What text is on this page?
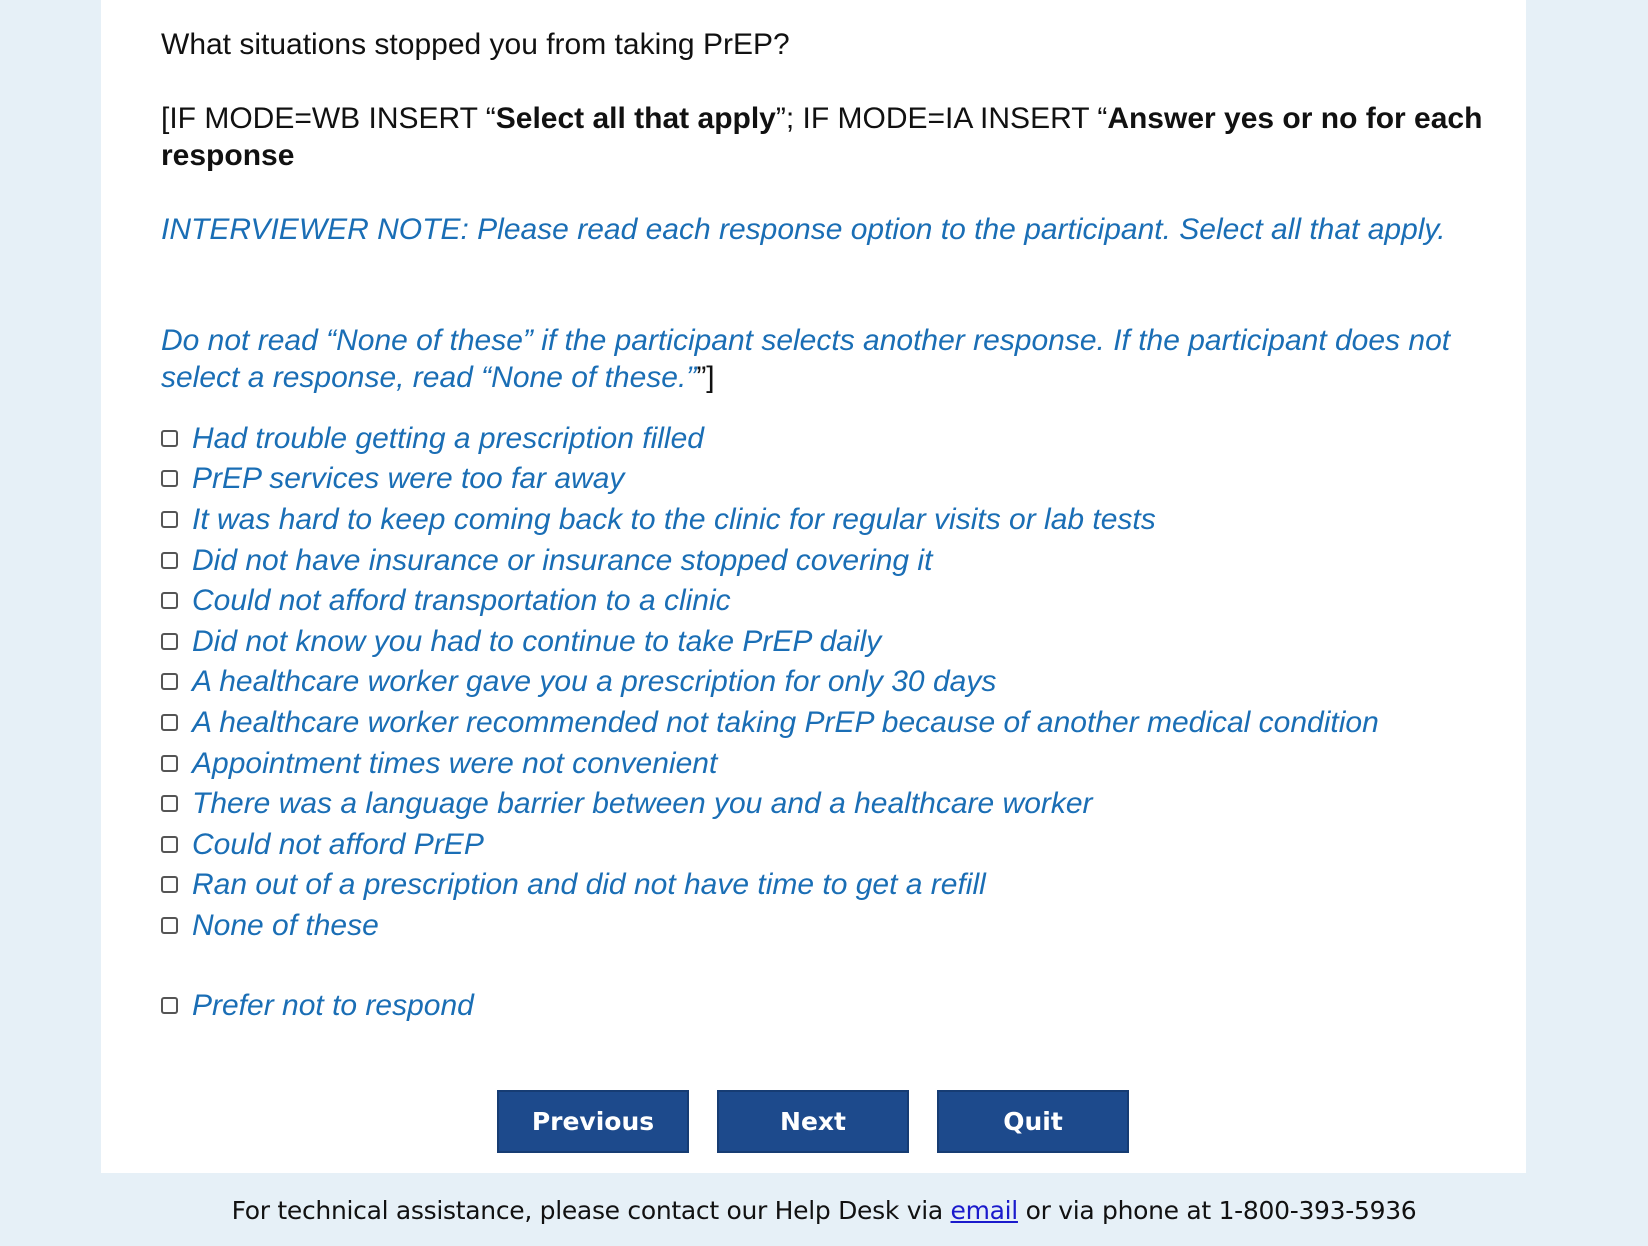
What situations stopped you from taking PrEP?
[IF MODE=WB INSERT “Select all that apply”; IF MODE=IA INSERT “Answer yes or no for each response
INTERVIEWER NOTE: Please read each response option to the participant. Select all that apply.
Do not read “None of these” if the participant selects another response. If the participant does not select a response, read “None of these.””]
Had trouble getting a prescription filled
PrEP services were too far away
It was hard to keep coming back to the clinic for regular visits or lab tests
Did not have insurance or insurance stopped covering it
Could not afford transportation to a clinic
Did not know you had to continue to take PrEP daily
A healthcare worker gave you a prescription for only 30 days
A healthcare worker recommended not taking PrEP because of another medical condition
Appointment times were not convenient
There was a language barrier between you and a healthcare worker
Could not afford PrEP
Ran out of a prescription and did not have time to get a refill
None of these
Prefer not to respond
Previous	Next	Quit
For technical assistance, please contact our Help Desk via email or via phone at 1-800-393-5936
